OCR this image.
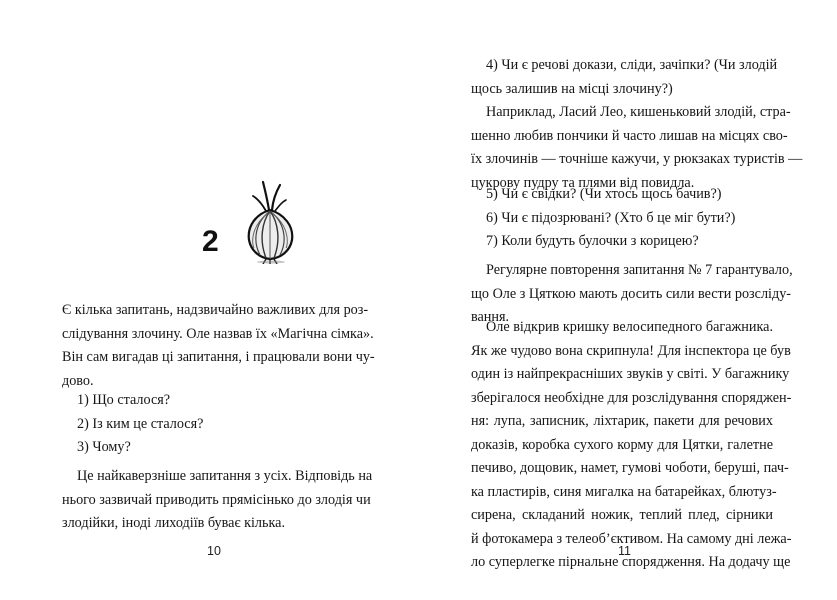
2
Є кілька запитань, надзвичайно важливих для роз-
слідування злочину. Оле назвав їх «Магічна сімка».
Він сам вигадав ці запитання, і працювали вони чу-
дово.
1) Що сталося?
2) Із ким це сталося?
3) Чому?
Це найкаверзніше запитання з усіх. Відповідь на
нього зазвичай приводить прямісінько до злодія чи
злодійки, іноді лиходіїв буває кілька.
10
4) Чи є речові докази, сліди, зачіпки? (Чи злодій
щось залишив на місці злочину?)
Наприклад, Ласий Лео, кишеньковий злодій, стра-
шенно любив пончики й часто лишав на місцях сво-
їх злочинів — точніше кажучи, у рюкзаках туристів —
цукрову пудру та плями від повидла.
5) Чи є свідки? (Чи хтось щось бачив?)
6) Чи є підозрювані? (Хто б це міг бути?)
7) Коли будуть булочки з корицею?
Регулярне повторення запитання № 7 гарантувало,
що Оле з Цяткою мають досить сили вести розсліду-
вання.
Оле відкрив кришку велосипедного багажника.
Як же чудово вона скрипнула! Для інспектора це був
один із найпрекрасніших звуків у світі. У багажнику
зберігалося необхідне для розслідування споряджен-
ня: лупа, записник, ліхтарик, пакети для речових
доказів, коробка сухого корму для Цятки, галетне
печиво, дощовик, намет, гумові чоботи, беруші, пач-
ка пластирів, синя мигалка на батарейках, блютуз-
сирена, складаний ножик, теплий плед, сірники
й фотокамера з телеоб’єктивом. На самому дні лежа-
ло суперлегке пірнальне спорядження. На додачу ще
11
